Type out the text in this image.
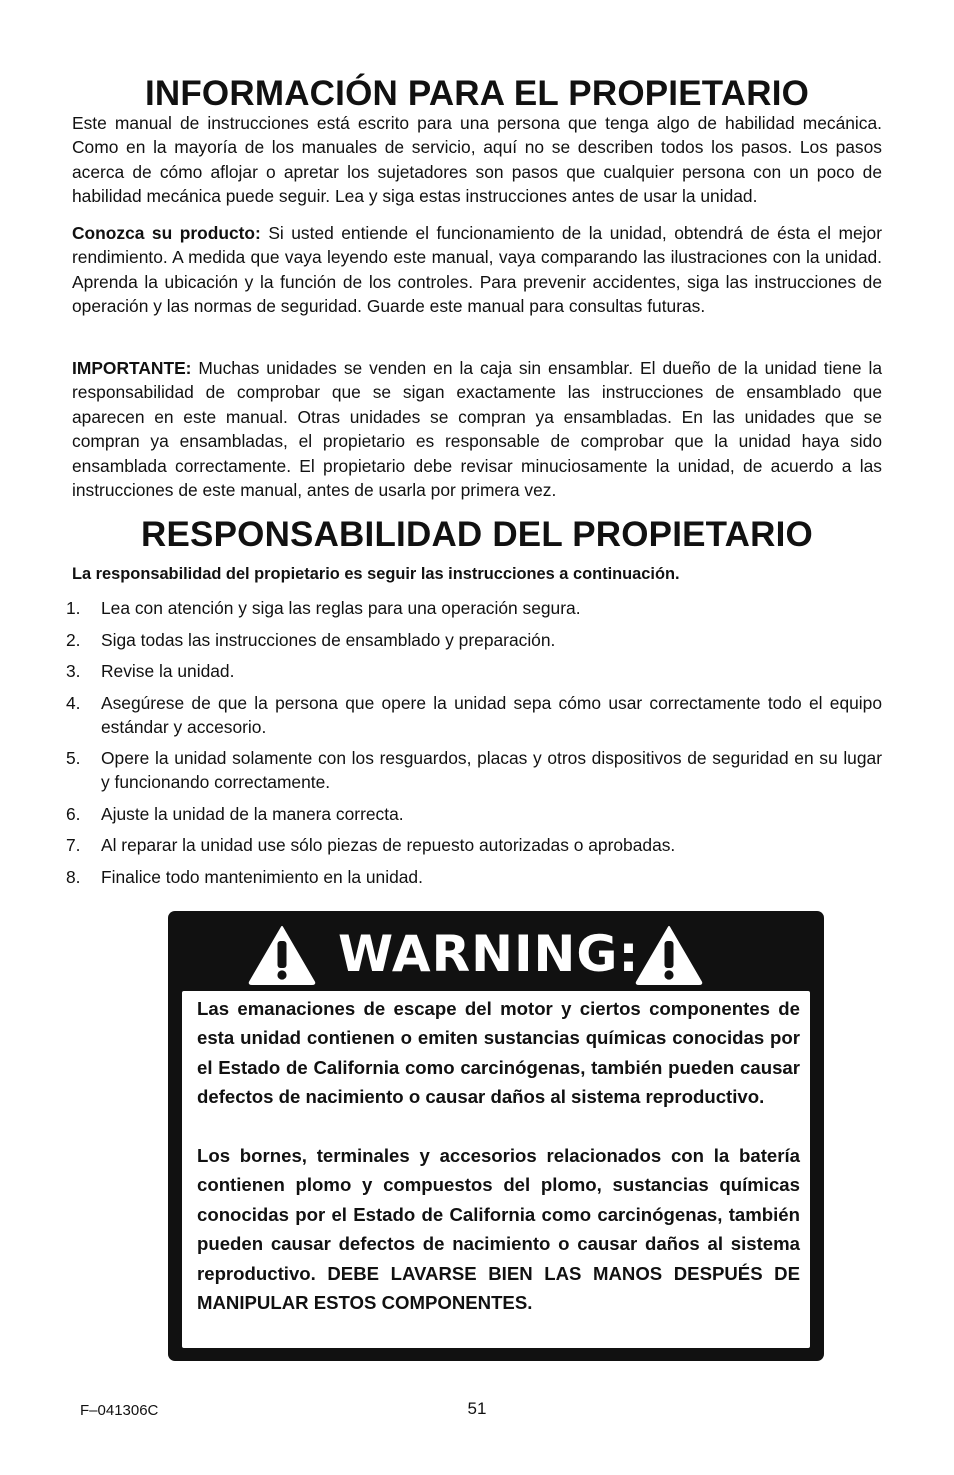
INFORMACIÓN PARA EL PROPIETARIO

Este manual de instrucciones está escrito para una persona que tenga algo de habilidad mecánica. Como en la mayoría de los manuales de servicio, aquí no se describen todos los pasos. Los pasos acerca de cómo aflojar o apretar los sujetadores son pasos que cualquier persona con un poco de habilidad mecánica puede seguir. Lea y siga estas instrucciones antes de usar la unidad.

Conozca su producto: Si usted entiende el funcionamiento de la unidad, obtendrá de ésta el mejor rendimiento. A medida que vaya leyendo este manual, vaya comparando las ilustraciones con la unidad. Aprenda la ubicación y la función de los controles. Para prevenir accidentes, siga las instrucciones de operación y las normas de seguridad. Guarde este manual para consultas futuras.

IMPORTANTE: Muchas unidades se venden en la caja sin ensamblar. El dueño de la unidad tiene la responsabilidad de comprobar que se sigan exactamente las instrucciones de ensamblado que aparecen en este manual. Otras unidades se compran ya ensambladas. En las unidades que se compran ya ensambladas, el propietario es responsable de comprobar que la unidad haya sido ensamblada correctamente. El propietario debe revisar minuciosamente la unidad, de acuerdo a las instrucciones de este manual, antes de usarla por primera vez.

RESPONSABILIDAD DEL PROPIETARIO

La responsabilidad del propietario es seguir las instrucciones a continuación.

1. Lea con atención y siga las reglas para una operación segura.
2. Siga todas las instrucciones de ensamblado y preparación.
3. Revise la unidad.
4. Asegúrese de que la persona que opere la unidad sepa cómo usar correctamente todo el equipo estándar y accesorio.
5. Opere la unidad solamente con los resguardos, placas y otros dispositivos de seguridad en su lugar y funcionando correctamente.
6. Ajuste la unidad de la manera correcta.
7. Al reparar la unidad use sólo piezas de repuesto autorizadas o aprobadas.
8. Finalice todo mantenimiento en la unidad.
WARNING:

Las emanaciones de escape del motor y ciertos componentes de esta unidad contienen o emiten sustancias químicas conocidas por el Estado de California como carcinógenas, también pueden causar defectos de nacimiento o causar daños al sistema reproductivo.

Los bornes, terminales y accesorios relacionados con la batería contienen plomo y compuestos del plomo, sustancias químicas conocidas por el Estado de California como carcinógenas, también pueden causar defectos de nacimiento o causar daños al sistema reproductivo. DEBE LAVARSE BIEN LAS MANOS DESPUÉS DE MANIPULAR ESTOS COMPONENTES.

F–041306C	51
